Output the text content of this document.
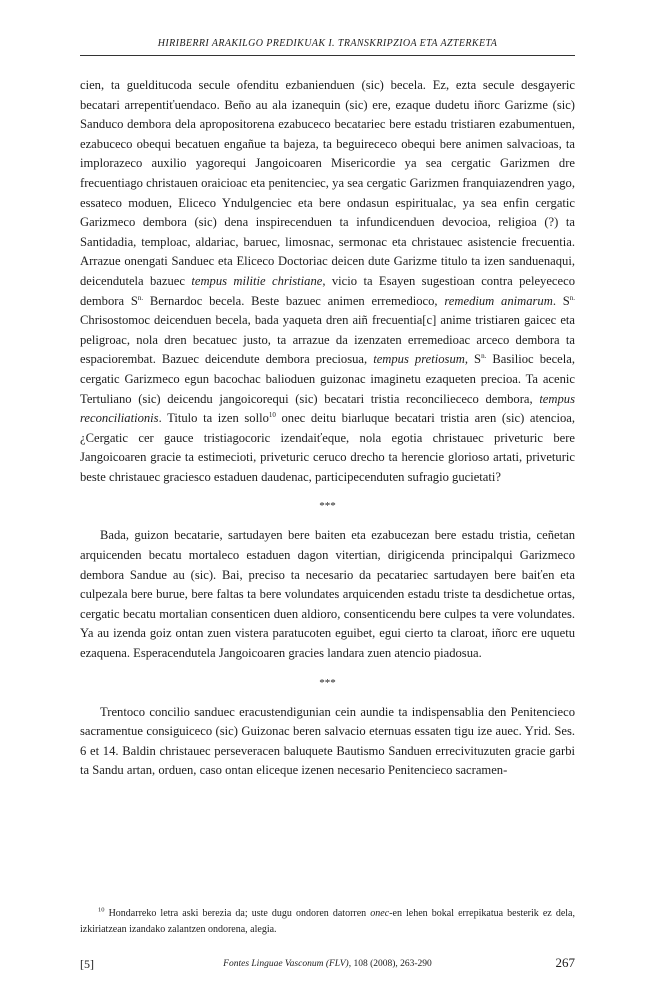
HIRIBERRI ARAKILGO PREDIKUAK I. TRANSKRIPZIOA ETA AZTERKETA

cien, ta guelditucoda secule ofenditu ezbanienduen (sic) becela. Ez, ezta secule desgayeric becatari arrepentiťuendaco. Beño au ala izanequin (sic) ere, ezaque dudetu iñorc Garizme (sic) Sanduco dembora dela apropositorena ezabuceco becatariec bere estadu tristiaren ezabumentuen, ezabuceco obequi becatuen engañue ta bajeza, ta beguirececo obequi bere animen salvacioas, ta implorazeco auxilio yagorequi Jangoicoaren Misericordie ya sea cergatic Garizmen dre frecuentiago christauen oraicioac eta penitenciec, ya sea cergatic Garizmen franquiazendren yago, essateco moduen, Eliceco Yndulgenciec eta bere ondasun espiritualac, ya sea enfin cergatic Garizmeco dembora (sic) dena inspirecenduen ta infundicenduen devocioa, religioa (?) ta Santidadia, temploac, aldariac, baruec, limosnac, sermonac eta christauec asistencie frecuentia. Arrazue onengati Sanduec eta Eliceco Doctoriac deicen dute Garizme titulo ta izen sanduenaqui, deicendutela bazuec tempus militie christiane, vicio ta Esayen sugestioan contra peleyececo dembora $S^{n.}$ Bernardoc becela. Beste bazuec animen erremedioco, remedium animarum. $S^{n.}$ Chrisostomoc deicenduen becela, bada yaqueta dren aiñ frecuentia[c] anime tristiaren gaicec eta peligroac, nola dren becatuec justo, ta arrazue da izenzaten erremedioac arceco dembora ta espaciorembat. Bazuec deicendute dembora preciosua, tempus pretiosum, $S^{n.}$ Basilioc becela, cergatic Garizmeco egun bacochac balioduen guizonac imaginetu ezaqueten precioa. Ta acenic Tertuliano (sic) deicendu jangoicorequi (sic) becatari tristia reconciliececo dembora, tempus reconciliationis. Titulo ta izen sollo$^{10}$ onec deitu biarluque becatari tristia aren (sic) atencioa, ¿Cergatic cer gauce tristiagocoric izendaiťeque, nola egotia christauec priveturic bere Jangoicoaren gracie ta estimecioti, priveturic ceruco drecho ta herencie glorioso artati, priveturic beste christauec graciesco estaduen daudenac, participecenduten sufragio gucietati?

***

Bada, guizon becatarie, sartudayen bere baiten eta ezabucezan bere estadu tristia, ceñetan arquicenden becatu mortaleco estaduen dagon vitertian, dirigicenda principalqui Garizmeco dembora Sandue au (sic). Bai, preciso ta necesario da pecatariec sartudayen bere baiťen eta culpezala bere burue, bere faltas ta bere volundates arquicenden estadu triste ta desdichetue ortas, cergatic becatu mortalian consenticen duen aldioro, consenticendu bere culpes ta vere volundates. Ya au izenda goiz ontan zuen vistera paratucoten eguibet, egui cierto ta claroat, iñorc ere uquetu ezaquena. Esperacendutela Jangoicoaren gracies landara zuen atencio piadosua.

***

Trentoco concilio sanduec eracustendigunian cein aundie ta indispensablia den Penitencieco sacramentue consiguiceco (sic) Guizonac beren salvacio eternuas essaten tigu ize auec. Yrid. Ses. 6 et 14. Baldin christauec perseveracen baluquete Bautismo Sanduen errecivituzuten gracie garbi ta Sandu artan, orduen, caso ontan eliceque izenen necesario Penitencieco sacramen-

$^{10}$ Hondarreko letra aski berezia da; uste dugu ondoren datorren onec-en lehen bokal errepikatua besterik ez dela, izkiriatzean izandako zalantzen ondorena, alegia.
[5]	Fontes Linguae Vasconum (FLV), 108 (2008), 263-290	267
